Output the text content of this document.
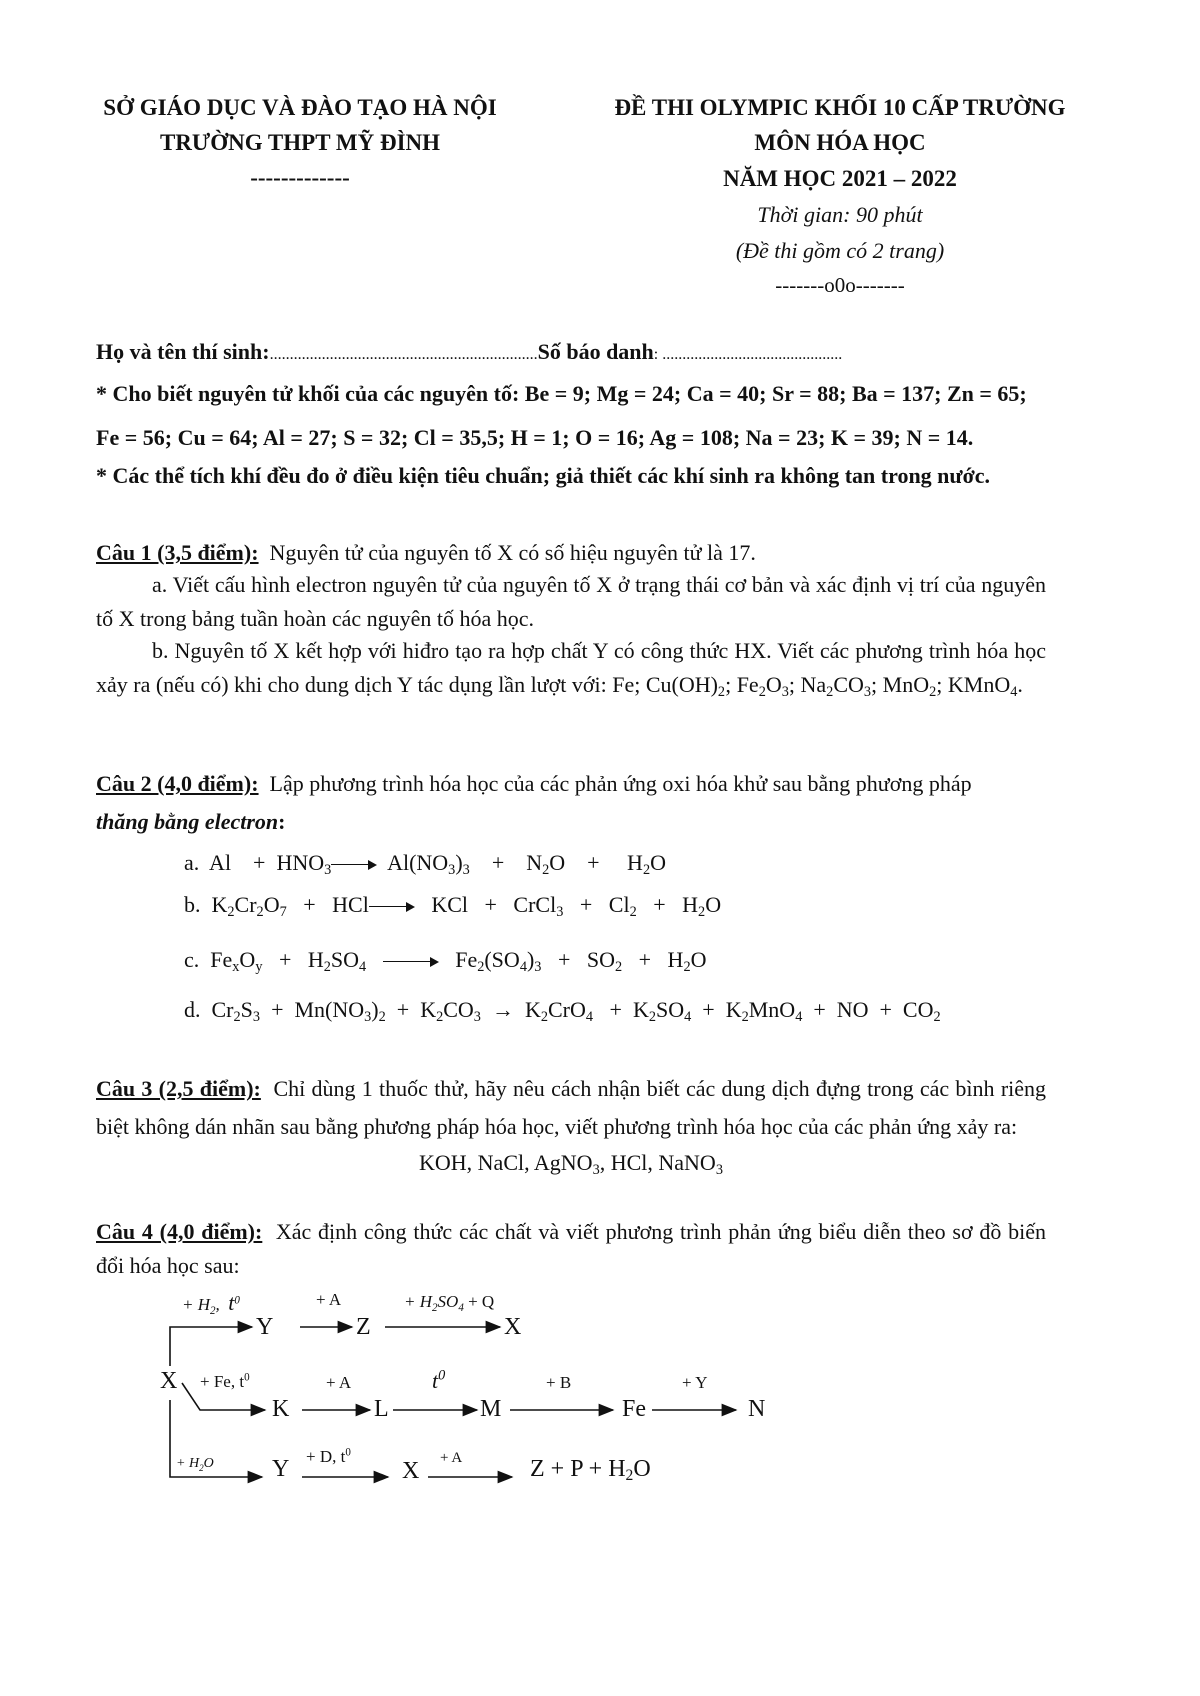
SỞ GIÁO DỤC VÀ ĐÀO TẠO HÀ NỘI
TRƯỜNG THPT MỸ ĐÌNH
-------------
ĐỀ THI OLYMPIC KHỐI 10 CẤP TRƯỜNG
MÔN HÓA HỌC
NĂM HỌC 2021 – 2022
Thời gian: 90 phút
(Đề thi gồm có 2 trang)
-------o0o-------
Họ và tên thí sinh:...................................................................Số báo danh: .............................................
* Cho biết nguyên tử khối của các nguyên tố: Be = 9; Mg = 24; Ca = 40; Sr = 88; Ba = 137; Zn = 65;
Fe = 56; Cu = 64; Al = 27; S = 32; Cl = 35,5; H = 1; O = 16; Ag = 108; Na = 23; K = 39; N = 14.
* Các thể tích khí đều đo ở điều kiện tiêu chuẩn; giả thiết các khí sinh ra không tan trong nước.
Câu 1 (3,5 điểm): Nguyên tử của nguyên tố X có số hiệu nguyên tử là 17.
a. Viết cấu hình electron nguyên tử của nguyên tố X ở trạng thái cơ bản và xác định vị trí của nguyên tố X trong bảng tuần hoàn các nguyên tố hóa học.
b. Nguyên tố X kết hợp với hiđro tạo ra hợp chất Y có công thức HX. Viết các phương trình hóa học xảy ra (nếu có) khi cho dung dịch Y tác dụng lần lượt với: Fe; $Cu(OH)_2$; $Fe_2O_3$; $Na_2CO_3$; MnO$_2$; KMnO$_4$.
Câu 2 (4,0 điểm): Lập phương trình hóa học của các phản ứng oxi hóa khử sau bằng phương pháp
thăng bằng electron:
a.  Al    +  $HNO_3$  $Al(NO_3)_3$    +    $N_2O$    +     $H_2O$
b.  $K_2Cr_2O_7$   +   HCl   KCl   +   CrCl$_3$   +   $Cl_2 + H_2O$
c.  $Fe_xO_y + H_2SO_4$	$Fe_2(SO_4)_3 + SO_2 + H_2O$
d.  $Cr_2S_3 + Mn(NO_3)_2 + K_2CO_3 \to K_2CrO_4 + K_2SO_4 + K_2MnO_4$  +  NO  +  $CO_2$
Câu 3 (2,5 điểm): Chỉ dùng 1 thuốc thử, hãy nêu cách nhận biết các dung dịch đựng trong các bình riêng biệt không dán nhãn sau bằng phương pháp hóa học, viết phương trình hóa học của các phản ứng xảy ra:
KOH, NaCl, AgNO$_3$, HCl, NaNO$_3$
Câu 4 (4,0 điểm): Xác định công thức các chất và viết phương trình phản ứng biểu diễn theo sơ đồ biến đổi hóa học sau:
+ $H_2$,  $t^0$
Y
+ A
Z
+ $H_2SO_4 + Q$
X
X + Fe, $t^0$
K
+ A
L
$t^0$
M
+ B
Fe
+ Y
N
+ $H_2O$ Y + D, $t^0$
X + A	$Z + P + H_2O$
